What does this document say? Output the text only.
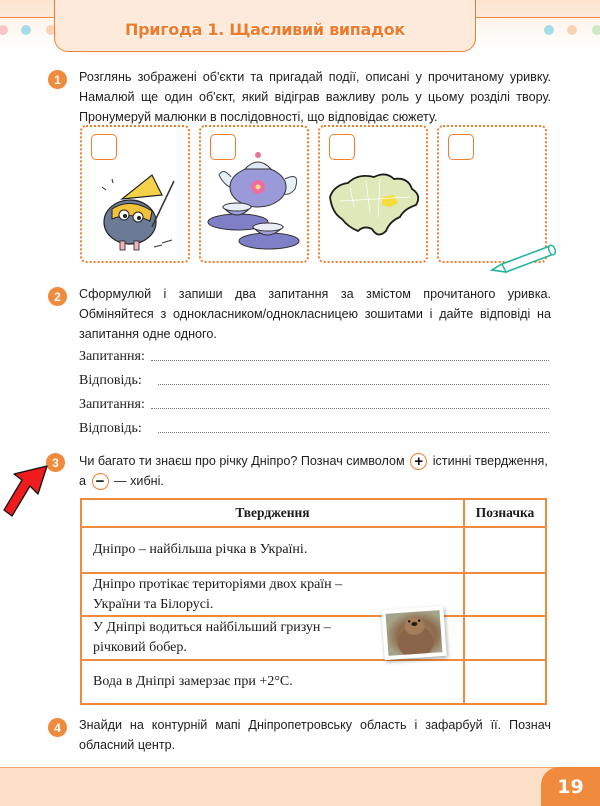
Пригода 1. Щасливий випадок
1	Розглянь зображені об'єкти та пригадай події, описані у прочитаному уривку. Намалюй ще один об'єкт, який відіграв важливу роль у цьому розділі твору. Пронумеруй малюнки в послідовності, що відповідає сюжету.
2	Сформулюй і запиши два запитання за змістом прочитаного уривка. Обміняйтеся з однокласником/однокласницею зошитами і дайте відповіді на запитання одне одного.
Запитання:
Відповідь:
Запитання:
Відповідь:
3	Чи багато ти знаєш про річку Дніпро? Познач символом + істинні твердження,
а − — хибні.
Твердження	Позначка
Дніпро – найбільша річка в Україні.	
Дніпро протікає територіями двох країн – України та Білорусі.	
У Дніпрі водиться найбільший гризун – річковий бобер.	
Вода в Дніпрі замерзає при +2°С.	
4	Знайди на контурній мапі Дніпропетровську область і зафарбуй її. Познач обласний центр.
19
